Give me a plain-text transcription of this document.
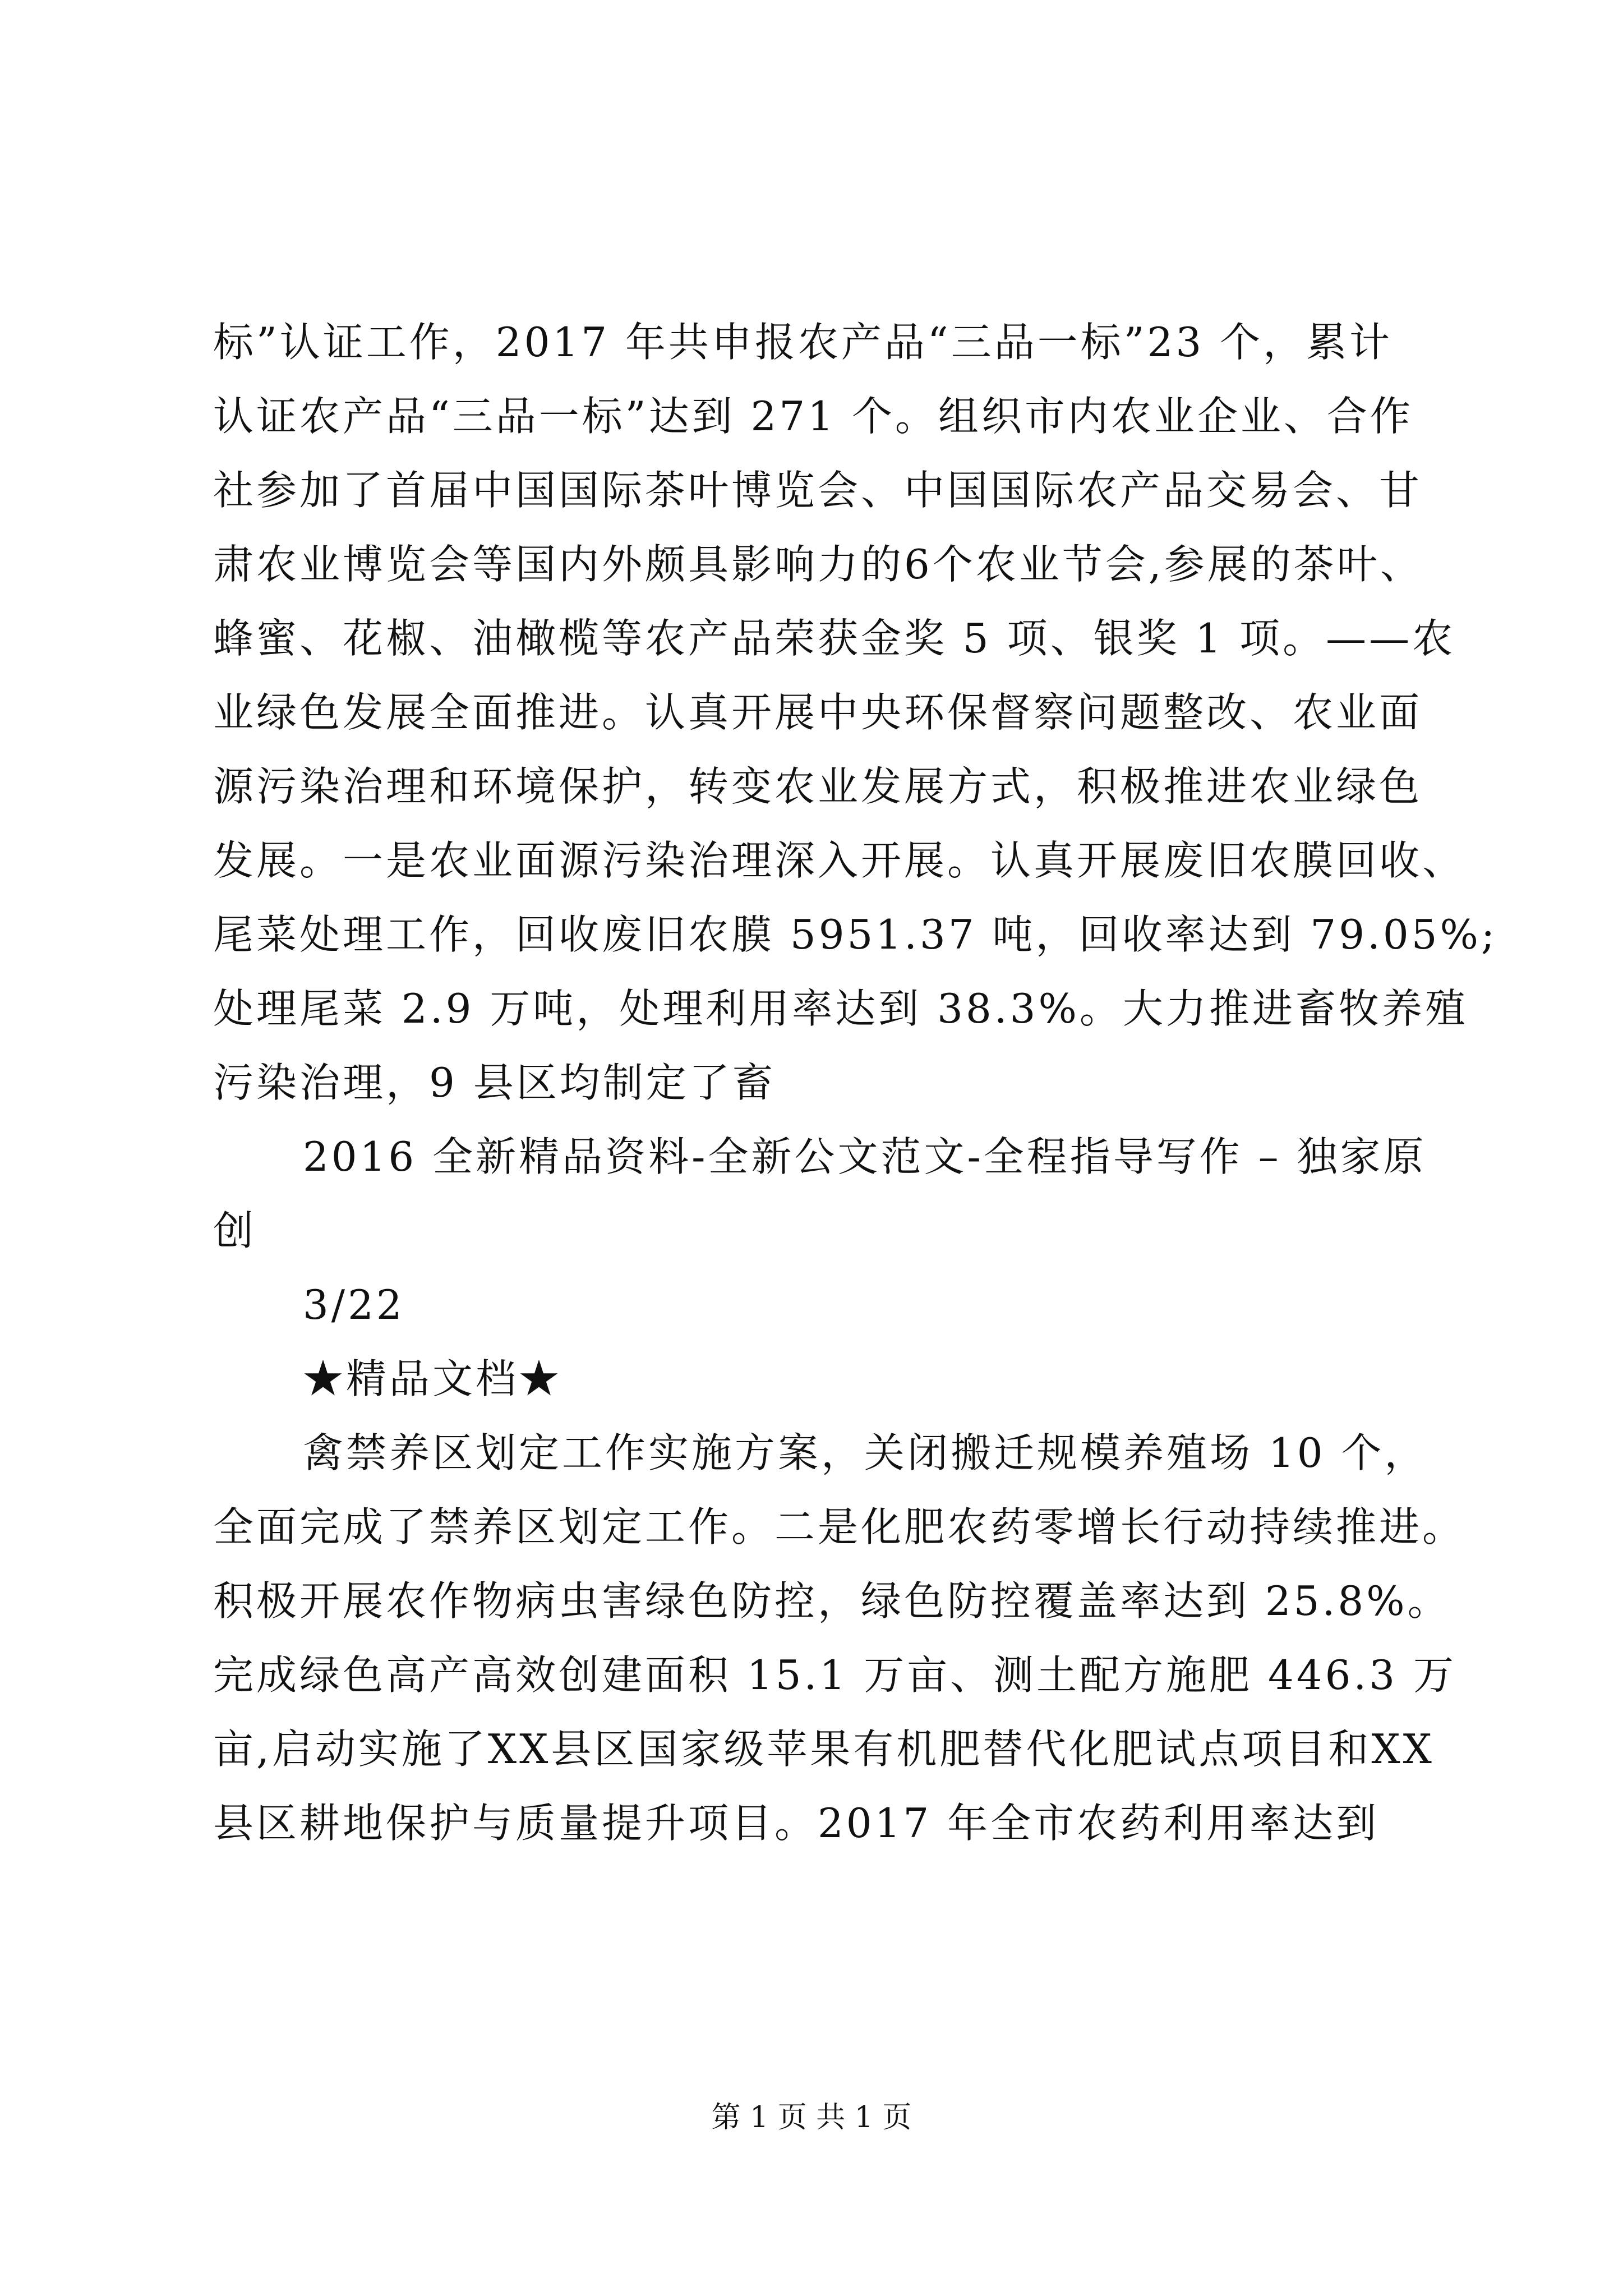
标”认证工作，2017 年共申报农产品“三品一标”23 个，累计

认证农产品“三品一标”达到 271 个。组织市内农业企业、合作

社参加了首届中国国际茶叶博览会、中国国际农产品交易会、甘

肃农业博览会等国内外颇具影响力的6个农业节会,参展的茶叶、

蜂蜜、花椒、油橄榄等农产品荣获金奖 5 项、银奖 1 项。——农

业绿色发展全面推进。认真开展中央环保督察问题整改、农业面

源污染治理和环境保护，转变农业发展方式，积极推进农业绿色

发展。一是农业面源污染治理深入开展。认真开展废旧农膜回收、

尾菜处理工作，回收废旧农膜 5951.37 吨，回收率达到 79.05%;

处理尾菜 2.9 万吨，处理利用率达到 38.3%。大力推进畜牧养殖

污染治理，9 县区均制定了畜

2016 全新精品资料-全新公文范文-全程指导写作 – 独家原

创

3/22

★精品文档★

禽禁养区划定工作实施方案，关闭搬迁规模养殖场 10 个，

全面完成了禁养区划定工作。二是化肥农药零增长行动持续推进。

积极开展农作物病虫害绿色防控，绿色防控覆盖率达到 25.8%。

完成绿色高产高效创建面积 15.1 万亩、测土配方施肥 446.3 万

亩,启动实施了XX县区国家级苹果有机肥替代化肥试点项目和XX

县区耕地保护与质量提升项目。2017 年全市农药利用率达到

第 1 页 共 1 页
